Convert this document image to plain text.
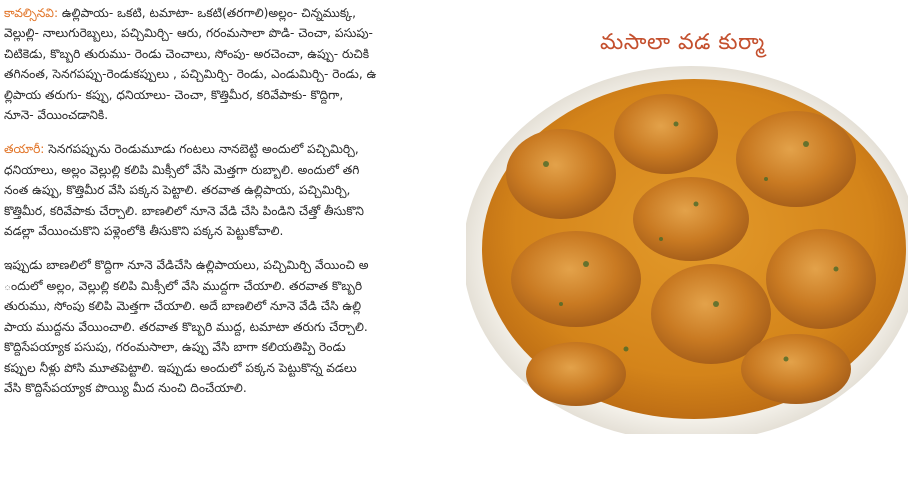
కావల్సినవి: ఉల్లిపాయ- ఒకటి, టమాటా- ఒకటి(తరగాలి)అల్లం- చిన్నముక్క,

వెల్లుల్లి- నాలుగురెబ్బలు, పచ్చిమిర్చి- ఆరు, గరంమసాలా పొడి- చెంచా, పసుపు-

చిటికెడు, కొబ్బరి తురుము- రెండు చెంచాలు, సోంపు- అరచెంచా, ఉప్పు- రుచికి

తగినంత, సెనగపప్పు-రెండుకప్పులు , పచ్చిమిర్చి- రెండు, ఎండుమిర్చి- రెండు, ఉ

ల్లిపాయ తరుగు- కప్పు, ధనియాలు- చెంచా, కొత్తిమీర, కరివేపాకు- కొద్దిగా,

నూనె- వేయించడానికి.

తయారీ: సెనగపప్పును రెండుమూడు గంటలు నానబెట్టి అందులో పచ్చిమిర్చి,

ధనియాలు, అల్లం వెల్లుల్లి కలిపి మిక్సీలో వేసి మెత్తగా రుబ్బాలి. అందులో తగి

నంత ఉప్పు, కొత్తిమీర వేసి పక్కన పెట్టాలి. తరవాత ఉల్లిపాయ, పచ్చిమిర్చి,

కొత్తిమీర, కరివేపాకు చేర్చాలి. బాణలిలో నూనె వేడి చేసి పిండిని చేత్తో తీసుకొని

వడల్లా వేయించుకొని పళ్లెంలోకి తీసుకొని పక్కన పెట్టుకోవాలి.

ఇప్పుడు బాణలిలో కొద్దిగా నూనె వేడిచేసి ఉల్లిపాయలు, పచ్చిమిర్చి వేయించి అ

ందులో అల్లం, వెల్లుల్లి కలిపి మిక్సీలో వేసి ముద్దగా చేయాలి. తరవాత కొబ్బరి

తురుము, సోంపు కలిపి మెత్తగా చేయాలి. అదే బాణలిలో నూనె వేడి చేసి ఉల్లి

పాయ ముద్దను వేయించాలి. తరవాత కొబ్బరి ముద్ద, టమాటా తరుగు చేర్చాలి.

కొద్దిసేపయ్యాక పసుపు, గరంమసాలా, ఉప్పు వేసి బాగా కలియతిప్పి రెండు

కప్పుల నీళ్లు పోసి మూతపెట్టాలి. ఇప్పుడు అందులో పక్కన పెట్టుకొన్న వడలు

వేసి కొద్దిసేపయ్యాక పొయ్యి మీద నుంచి దించేయాలి.

మసాలా వడ కుర్మా
